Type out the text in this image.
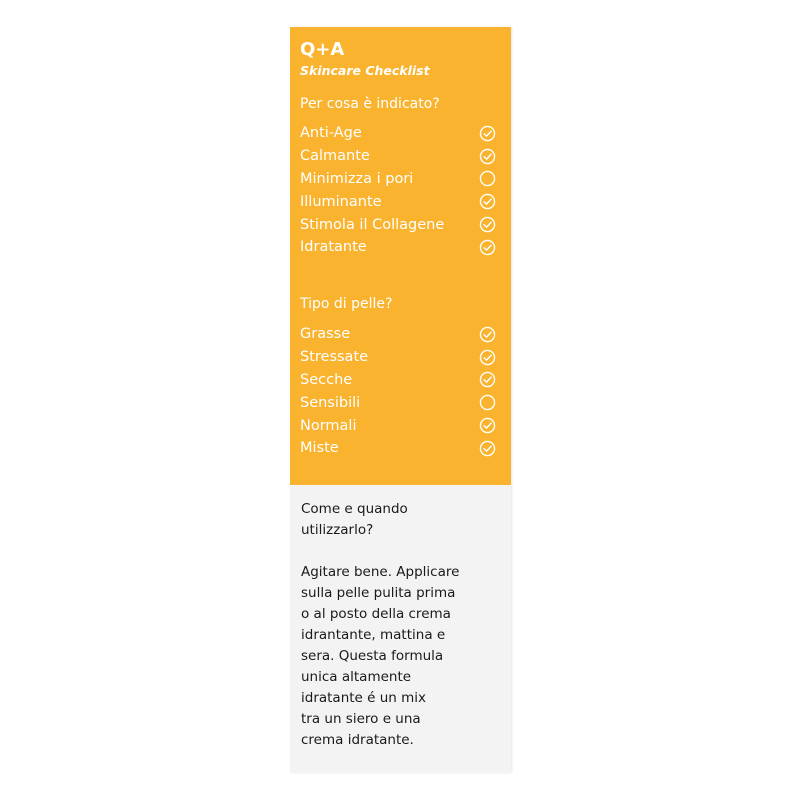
Q+A
Skincare Checklist
Per cosa è indicato?
Anti-Age
Calmante
Minimizza i pori
Illuminante
Stimola il Collagene
Idratante
Tipo di pelle?
Grasse
Stressate
Secche
Sensibili
Normali
Miste
Come e quando
utilizzarlo?
Agitare bene. Applicare
sulla pelle pulita prima
o al posto della crema
idrantante, mattina e
sera. Questa formula
unica altamente
idratante é un mix
tra un siero e una
crema idratante.
